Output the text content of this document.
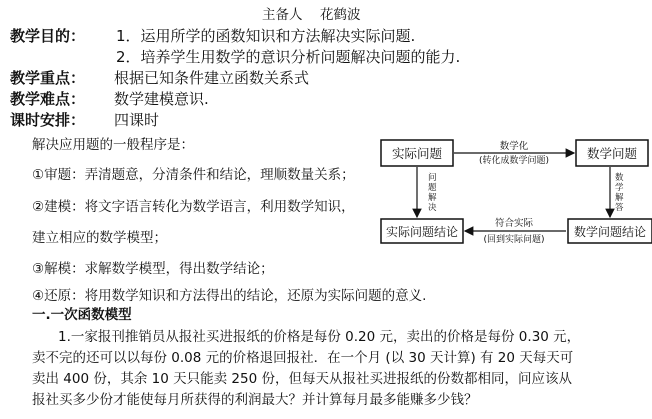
主备人 花鹤波
教学目的： 1．运用所学的函数知识和方法解决实际问题.
2．培养学生用数学的意识分析问题解决问题的能力.
教学重点： 根据已知条件建立函数关系式
教学难点： 数学建模意识.
课时安排： 四课时
解决应用题的一般程序是：
①审题：弄清题意，分清条件和结论，理顺数量关系；
②建模：将文字语言转化为数学语言，利用数学知识，
建立相应的数学模型；
③解模：求解数学模型，得出数学结论；
④还原：将用数学知识和方法得出的结论，还原为实际问题的意义.
实际问题	数学问题
实际问题结论	数学问题结论
数学化
(转化成数学问题)
符合实际
(回到实际问题)
问
题
解
决
数
学
解
答
一.一次函数模型
1.一家报刊推销员从报社买进报纸的价格是每份 0.20 元，卖出的价格是每份 0.30 元，
卖不完的还可以以每份 0.08 元的价格退回报社．在一个月 (以 30 天计算) 有 20 天每天可
卖出 400 份，其余 10 天只能卖 250 份，但每天从报社买进报纸的份数都相同，问应该从
报社买多少份才能使每月所获得的利润最大？并计算每月最多能赚多少钱？
